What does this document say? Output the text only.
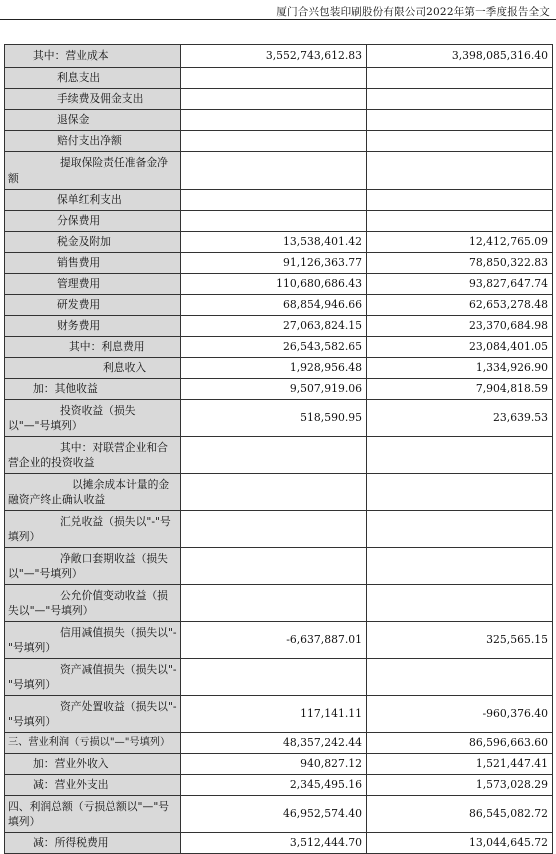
厦门合兴包装印刷股份有限公司2022年第一季度报告全文
其中：营业成本	3,552,743,612.83	3,398,085,316.40
利息支出		
手续费及佣金支出		
退保金		
赔付支出净额		
提取保险责任准备金净额		
保单红利支出		
分保费用		
税金及附加	13,538,401.42	12,412,765.09
销售费用	91,126,363.77	78,850,322.83
管理费用	110,680,686.43	93,827,647.74
研发费用	68,854,946.66	62,653,278.48
财务费用	27,063,824.15	23,370,684.98
其中：利息费用	26,543,582.65	23,084,401.05
利息收入	1,928,956.48	1,334,926.90
加：其他收益	9,507,919.06	7,904,818.59
投资收益（损失以"—"号填列）	518,590.95	23,639.53
其中：对联营企业和合营企业的投资收益		
以摊余成本计量的金融资产终止确认收益		
汇兑收益（损失以"-"号填列）		
净敞口套期收益（损失以"—"号填列）		
公允价值变动收益（损失以"—"号填列）		
信用减值损失（损失以"-"号填列）	-6,637,887.01	325,565.15
资产减值损失（损失以"-"号填列）		
资产处置收益（损失以"-"号填列）	117,141.11	-960,376.40
三、营业利润（亏损以"—"号填列）	48,357,242.44	86,596,663.60
加：营业外收入	940,827.12	1,521,447.41
减：营业外支出	2,345,495.16	1,573,028.29
四、利润总额（亏损总额以"—"号填列）	46,952,574.40	86,545,082.72
减：所得税费用	3,512,444.70	13,044,645.72
